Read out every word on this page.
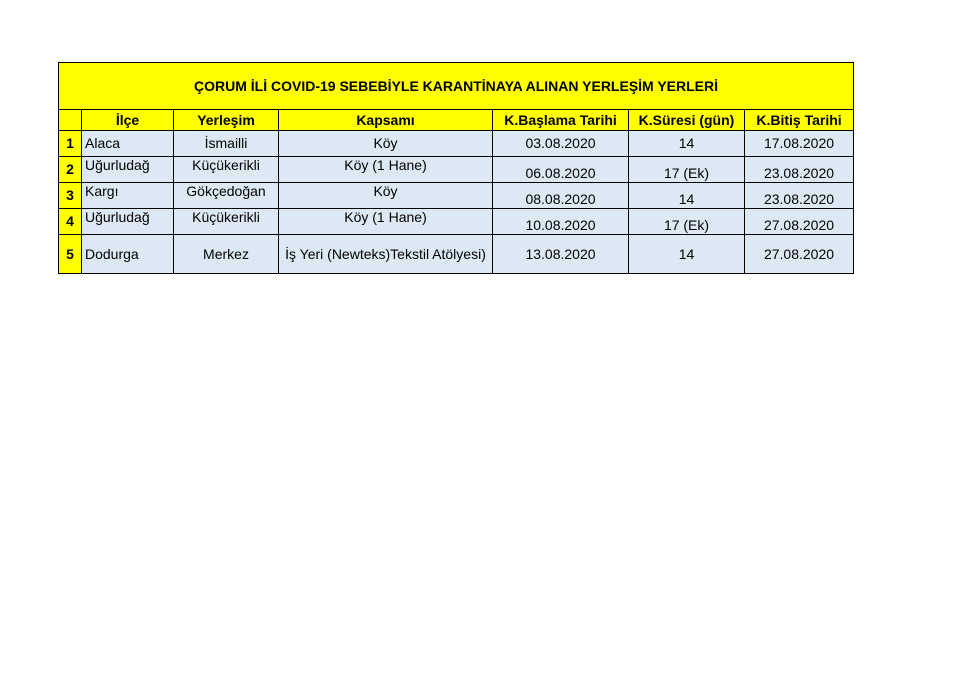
ÇORUM İLİ COVID-19 SEBEBİYLE KARANTİNAYA ALINAN YERLEŞİM YERLERİ						
	İlçe	Yerleşim	Kapsamı	K.Başlama Tarihi	K.Süresi (gün)	K.Bitiş Tarihi
1	Alaca	İsmailli	Köy	03.08.2020	14	17.08.2020
2	Uğurludağ	Küçükerikli	Köy (1 Hane)	06.08.2020	17 (Ek)	23.08.2020
3	Kargı	Gökçedoğan	Köy	08.08.2020	14	23.08.2020
4	Uğurludağ	Küçükerikli	Köy (1 Hane)	10.08.2020	17 (Ek)	27.08.2020
5	Dodurga	Merkez	İş Yeri (Newteks)Tekstil Atölyesi)	13.08.2020	14	27.08.2020
